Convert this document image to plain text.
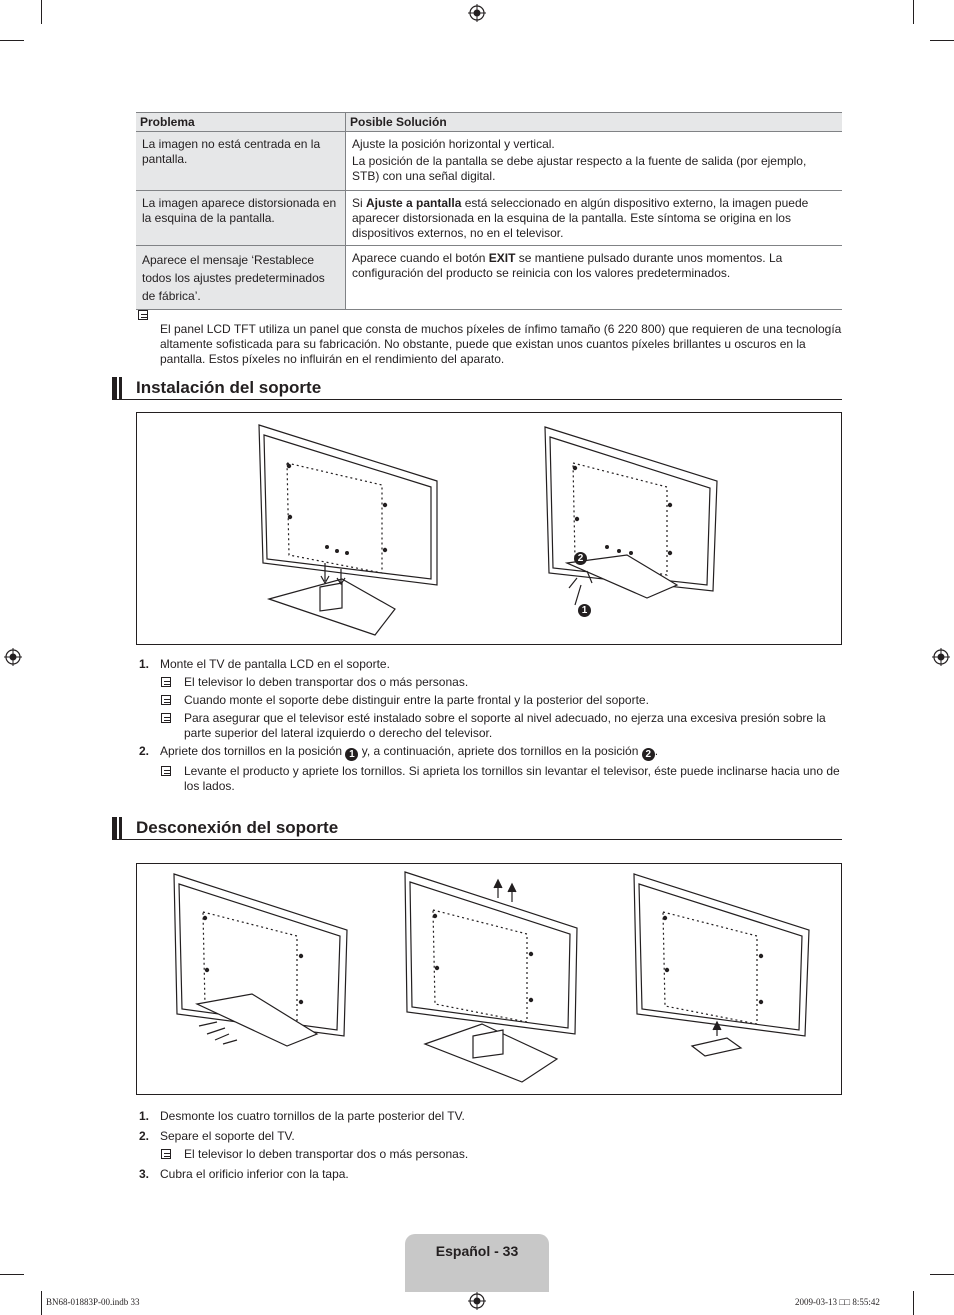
Problema	Posible Solución
La imagen no está centrada en la pantalla.	Ajuste la posición horizontal y vertical.

La posición de la pantalla se debe ajustar respecto a la fuente de salida (por ejemplo, STB) con una señal digital.

La imagen aparece distorsionada en la esquina de la pantalla.	Si Ajuste a pantalla está seleccionado en algún dispositivo externo, la imagen puede aparecer distorsionada en la esquina de la pantalla. Este síntoma se origina en los dispositivos externos, no en el televisor.
Aparece el mensaje ‘Restablece todos los ajustes predeterminados de fábrica’.	Aparece cuando el botón EXIT se mantiene pulsado durante unos momentos. La configuración del producto se reinicia con los valores predeterminados.
El panel LCD TFT utiliza un panel que consta de muchos píxeles de ínfimo tamaño (6 220 800) que requieren de una tecnología altamente sofisticada para su fabricación. No obstante, puede que existan unos cuantos píxeles brillantes u oscuros en la pantalla. Estos píxeles no influirán en el rendimiento del aparato.
Instalación del soporte
2
1
1. Monte el TV de pantalla LCD en el soporte.
El televisor lo deben transportar dos o más personas.
Cuando monte el soporte debe distinguir entre la parte frontal y la posterior del soporte.
Para asegurar que el televisor esté instalado sobre el soporte al nivel adecuado, no ejerza una excesiva presión sobre la parte superior del lateral izquierdo o derecho del televisor.
2. Apriete dos tornillos en la posición 1 y, a continuación, apriete dos tornillos en la posición 2 .
Levante el producto y apriete los tornillos. Si aprieta los tornillos sin levantar el televisor, éste puede inclinarse hacia uno de los lados.
Desconexión del soporte
1. Desmonte los cuatro tornillos de la parte posterior del TV.
2. Separe el soporte del TV.
El televisor lo deben transportar dos o más personas.
3. Cubra el orificio inferior con la tapa.
Español - 33
BN68-01883P-00.indb 33	2009-03-13 □□ 8:55:42
